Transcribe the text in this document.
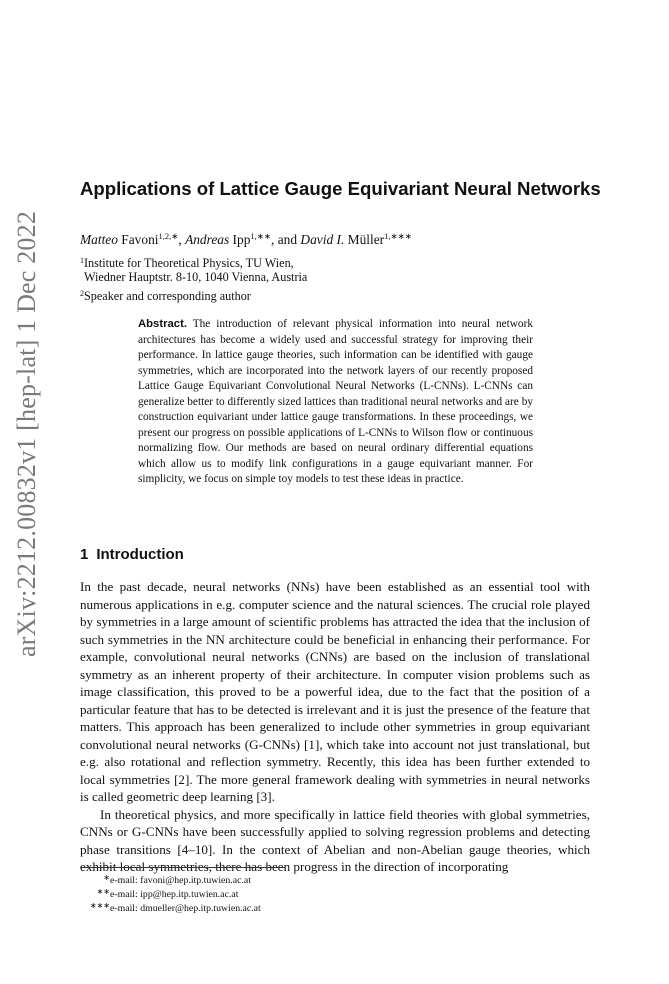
arXiv:2212.00832v1 [hep-lat] 1 Dec 2022
Applications of Lattice Gauge Equivariant Neural Networks
Matteo Favoni$^{1,2,∗}$, Andreas Ipp$^{1,∗∗}$, and David I. Müller$^{1,∗∗∗}$
$^1$Institute for Theoretical Physics, TU Wien,
Wiedner Hauptstr. 8-10, 1040 Vienna, Austria
$^2$Speaker and corresponding author
Abstract. The introduction of relevant physical information into neural network architectures has become a widely used and successful strategy for improving their performance. In lattice gauge theories, such information can be identified with gauge symmetries, which are incorporated into the network layers of our recently proposed Lattice Gauge Equivariant Convolutional Neural Networks (L-CNNs). L-CNNs can generalize better to differently sized lattices than traditional neural networks and are by construction equivariant under lattice gauge transformations. In these proceedings, we present our progress on possible applications of L-CNNs to Wilson flow or continuous normalizing flow. Our methods are based on neural ordinary differential equations which allow us to modify link configurations in a gauge equivariant manner. For simplicity, we focus on simple toy models to test these ideas in practice.
1 Introduction

In the past decade, neural networks (NNs) have been established as an essential tool with numerous applications in e.g. computer science and the natural sciences. The crucial role played by symmetries in a large amount of scientific problems has attracted the idea that the inclusion of such symmetries in the NN architecture could be beneficial in enhancing their performance. For example, convolutional neural networks (CNNs) are based on the inclusion of translational symmetry as an inherent property of their architecture. In computer vision problems such as image classification, this proved to be a powerful idea, due to the fact that the position of a particular feature that has to be detected is irrelevant and it is just the presence of the feature that matters. This approach has been generalized to include other symmetries in group equivariant convolutional neural networks (G-CNNs) [1], which take into account not just translational, but e.g. also rotational and reflection symmetry. Recently, this idea has been further extended to local symmetries [2]. The more general framework dealing with symmetries in neural networks is called geometric deep learning [3].

In theoretical physics, and more specifically in lattice field theories with global symmetries, CNNs or G-CNNs have been successfully applied to solving regression problems and detecting phase transitions [4–10]. In the context of Abelian and non-Abelian gauge theories, which exhibit local symmetries, there has been progress in the direction of incorporating

∗e-mail: favoni@hep.itp.tuwien.ac.at
∗∗e-mail: ipp@hep.itp.tuwien.ac.at
∗∗∗e-mail: dmueller@hep.itp.tuwien.ac.at
